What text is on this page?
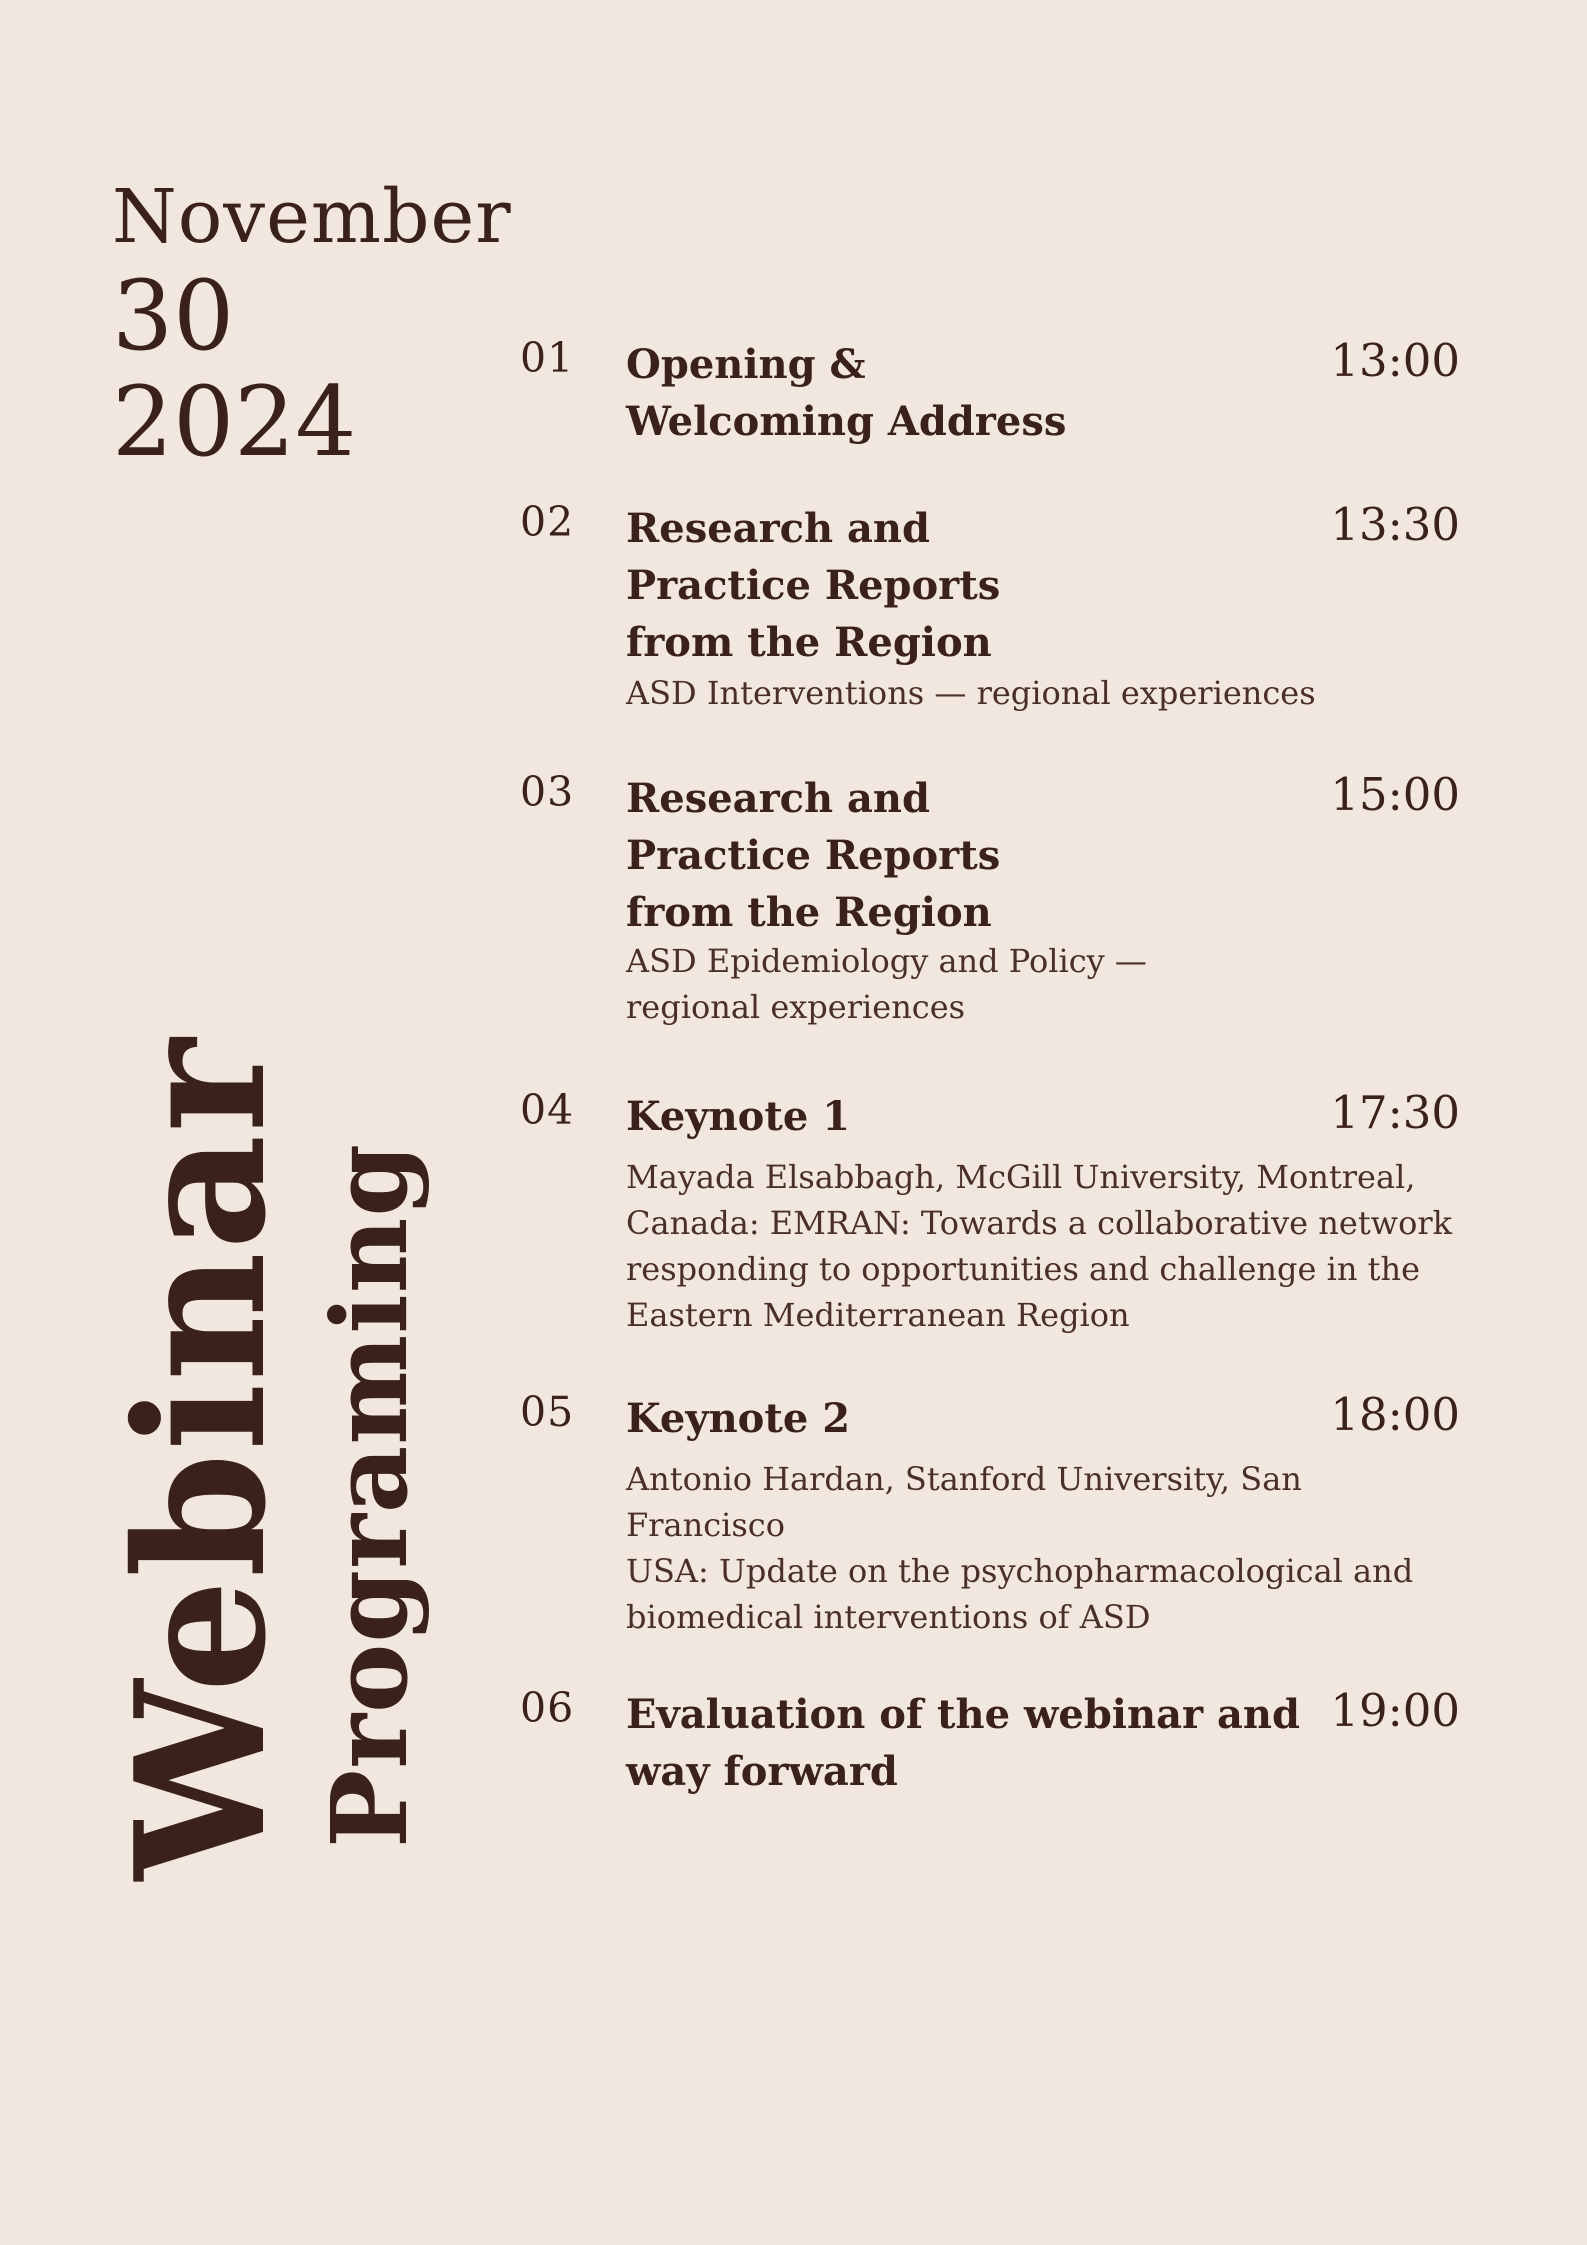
November
30
2024
Webinar Programing
01 Opening &
Welcoming Address
13:00
02 Research and
Practice Reports
from the Region
13:30
ASD Interventions — regional experiences
03 Research and
Practice Reports
from the Region
15:00
ASD Epidemiology and Policy —
regional experiences
04 Keynote 1	17:30
Mayada Elsabbagh, McGill University, Montreal,
Canada: EMRAN: Towards a collaborative network
responding to opportunities and challenge in the
Eastern Mediterranean Region
05 Keynote 2	18:00
Antonio Hardan, Stanford University, San Francisco
USA: Update on the psychopharmacological and
biomedical interventions of ASD
06 Evaluation of the webinar and
way forward
19:00
